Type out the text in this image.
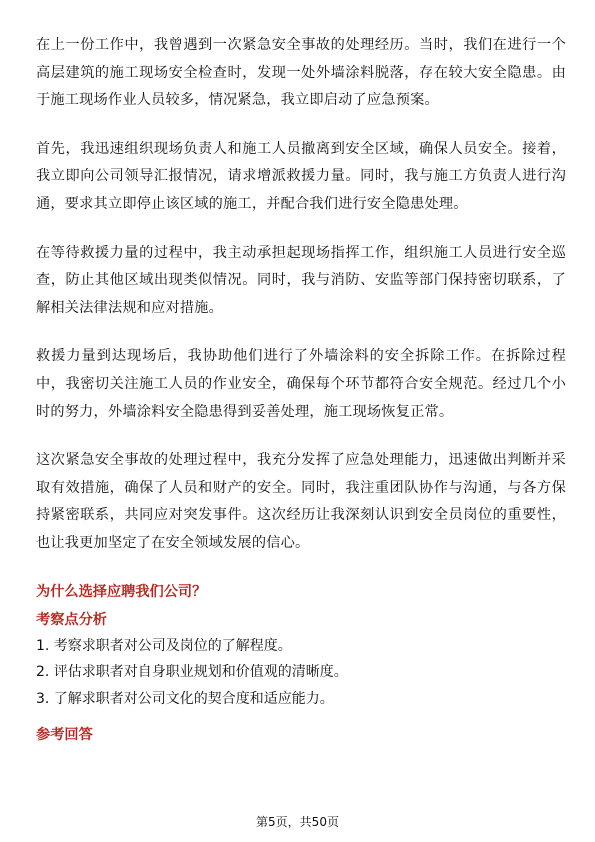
在上一份工作中，我曾遇到一次紧急安全事故的处理经历。当时，我们在进行一个高层建筑的施工现场安全检查时，发现一处外墙涂料脱落，存在较大安全隐患。由于施工现场作业人员较多，情况紧急，我立即启动了应急预案。

首先，我迅速组织现场负责人和施工人员撤离到安全区域，确保人员安全。接着，我立即向公司领导汇报情况，请求增派救援力量。同时，我与施工方负责人进行沟通，要求其立即停止该区域的施工，并配合我们进行安全隐患处理。

在等待救援力量的过程中，我主动承担起现场指挥工作，组织施工人员进行安全巡查，防止其他区域出现类似情况。同时，我与消防、安监等部门保持密切联系，了解相关法律法规和应对措施。

救援力量到达现场后，我协助他们进行了外墙涂料的安全拆除工作。在拆除过程中，我密切关注施工人员的作业安全，确保每个环节都符合安全规范。经过几个小时的努力，外墙涂料安全隐患得到妥善处理，施工现场恢复正常。

这次紧急安全事故的处理过程中，我充分发挥了应急处理能力，迅速做出判断并采取有效措施，确保了人员和财产的安全。同时，我注重团队协作与沟通，与各方保持紧密联系，共同应对突发事件。这次经历让我深刻认识到安全员岗位的重要性，也让我更加坚定了在安全领域发展的信心。

为什么选择应聘我们公司？
考察点分析

1. 考察求职者对公司及岗位的了解程度。

2. 评估求职者对自身职业规划和价值观的清晰度。

3. 了解求职者对公司文化的契合度和适应能力。

参考回答
第5页，共50页
